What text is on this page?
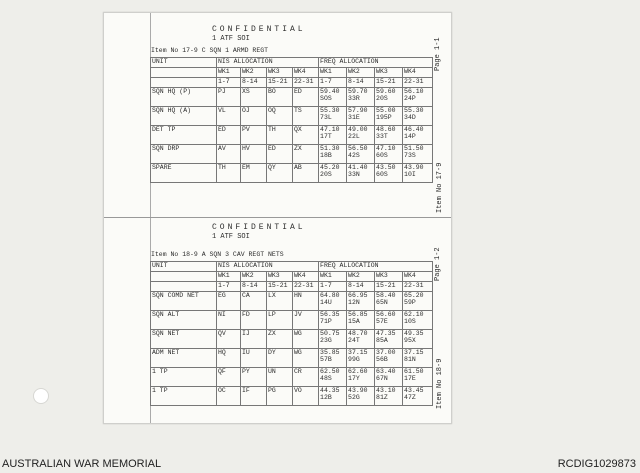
CONFIDENTIAL
1 ATF SOI
Item No 17-9 C SQN 1 ARMD REGT	Page 1-1
Item No 17-9
UNIT	NIS ALLOCATION				FREQ ALLOCATION			
	WK1	WK2	WK3	WK4	WK1	WK2	WK3	WK4
	1-7	8-14	15-21	22-31	1-7	8-14	15-21	22-31
SQN HQ (P)	PJ	XS	BO	ED	59.40 SOS	59.70 33R	59.60 20S	56.10 24P
SQN HQ (A)	VL	OJ	OQ	TS	55.30 73L	57.90 31E	55.00 195P	55.30 34D
DET TP	ED	PV	TH	QX	47.10 17T	49.00 22L	48.60 33T	46.40 14P
SQN DRP	AV	HV	ED	ZX	51.30 18B	56.50 42S	47.10 60S	51.50 73S
SPARE	TH	EM	QY	AB	45.20 20S	41.40 33N	43.50 60S	43.90 10I
CONFIDENTIAL
1 ATF SOI
Item No 18-9 A SQN 3 CAV REGT NETS	Page 1-2
Item No 18-9
UNIT	NIS ALLOCATION				FREQ ALLOCATION			
	WK1	WK2	WK3	WK4	WK1	WK2	WK3	WK4
	1-7	8-14	15-21	22-31	1-7	8-14	15-21	22-31
SQN COMD NET	EG	CA	LX	HN	64.80 14U	66.95 12N	58.40 65N	65.20 59P
SQN ALT	NI	FD	LP	JV	56.35 71P	56.85 15A	56.60 57E	62.10 10S
SQN NET	QV	IJ	ZX	WG	50.75 23G	48.70 24T	47.35 85A	49.35 95X
ADM NET	HQ	IU	DY	WG	35.85 57B	37.15 99G	37.00 56B	37.15 81N
1 TP	QF	PY	UN	CR	62.50 48S	62.60 17Y	63.40 67N	61.50 17E
1 TP	OC	IF	PG	VO	44.35 12B	43.90 52G	43.10 81Z	43.45 47Z
AUSTRALIAN WAR MEMORIAL	RCDIG1029873
